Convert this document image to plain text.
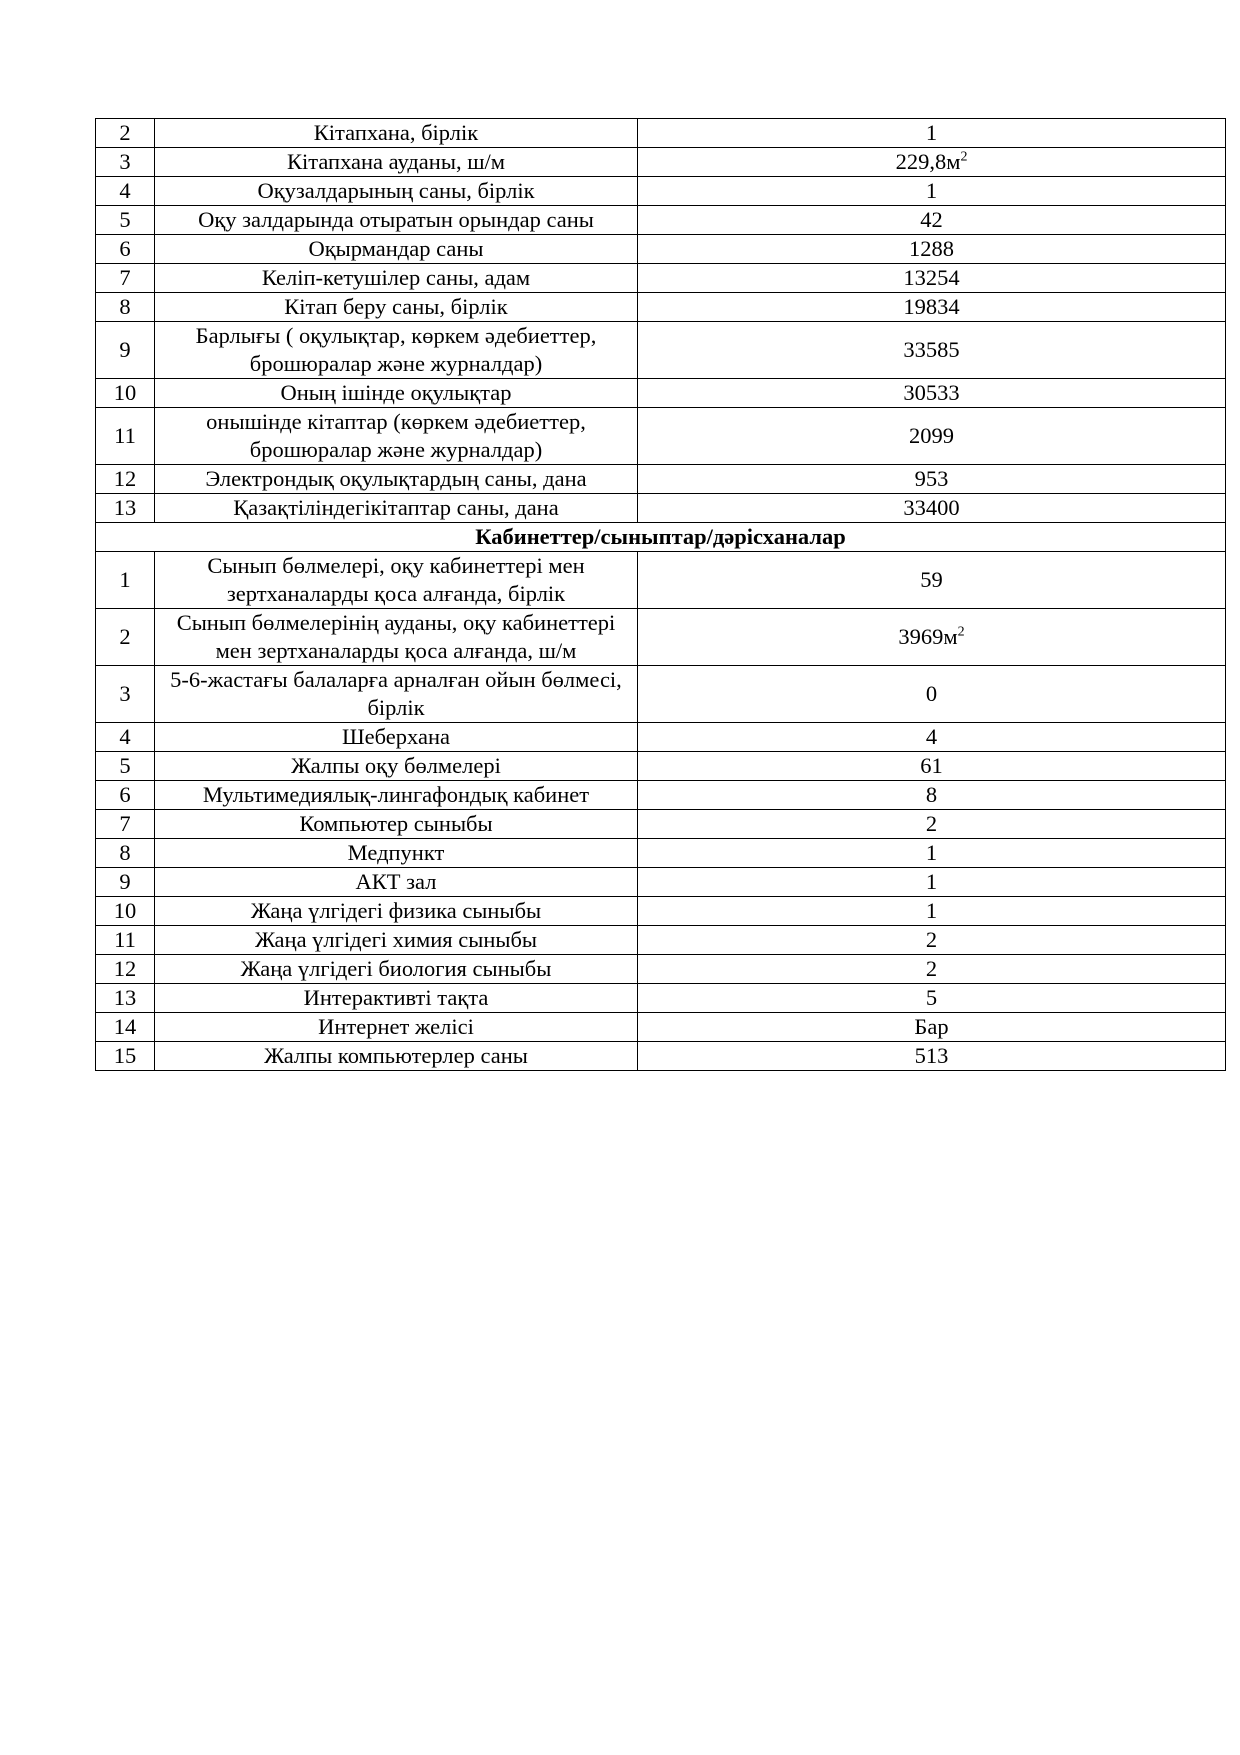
2	Кітапхана, бірлік	1
3	Кітапхана ауданы, ш/м	$229,8м^2$
4	Оқузалдарының саны, бірлік	1
5	Оқу залдарында отыратын орындар саны	42
6	Оқырмандар саны	1288
7	Келіп-кетушілер саны, адам	13254
8	Кітап беру саны, бірлік	19834
9	Барлығы ( оқулықтар, көркем әдебиеттер, брошюралар және журналдар)	33585
10	Оның ішінде оқулықтар	30533
11	онышінде кітаптар (көркем әдебиеттер, брошюралар және журналдар)	2099
12	Электрондық оқулықтардың саны, дана	953
13	Қазақтіліндегікітаптар саны, дана	33400
Кабинеттер/сыныптар/дәрісханалар		
1	Сынып бөлмелері, оқу кабинеттері мен зертханаларды қоса алғанда, бірлік	59
2	Сынып бөлмелерінің ауданы, оқу кабинеттері мен зертханаларды қоса алғанда, ш/м	$3969м^2$
3	5-6-жастағы балаларға арналған ойын бөлмесі, бірлік	0
4	Шеберхана	4
5	Жалпы оқу бөлмелері	61
6	Мультимедиялық-лингафондық кабинет	8
7	Компьютер сыныбы	2
8	Медпункт	1
9	АКТ зал	1
10	Жаңа үлгідегі физика сыныбы	1
11	Жаңа үлгідегі химия сыныбы	2
12	Жаңа үлгідегі биология сыныбы	2
13	Интерактивті тақта	5
14	Интернет желісі	Бар
15	Жалпы компьютерлер саны	513
